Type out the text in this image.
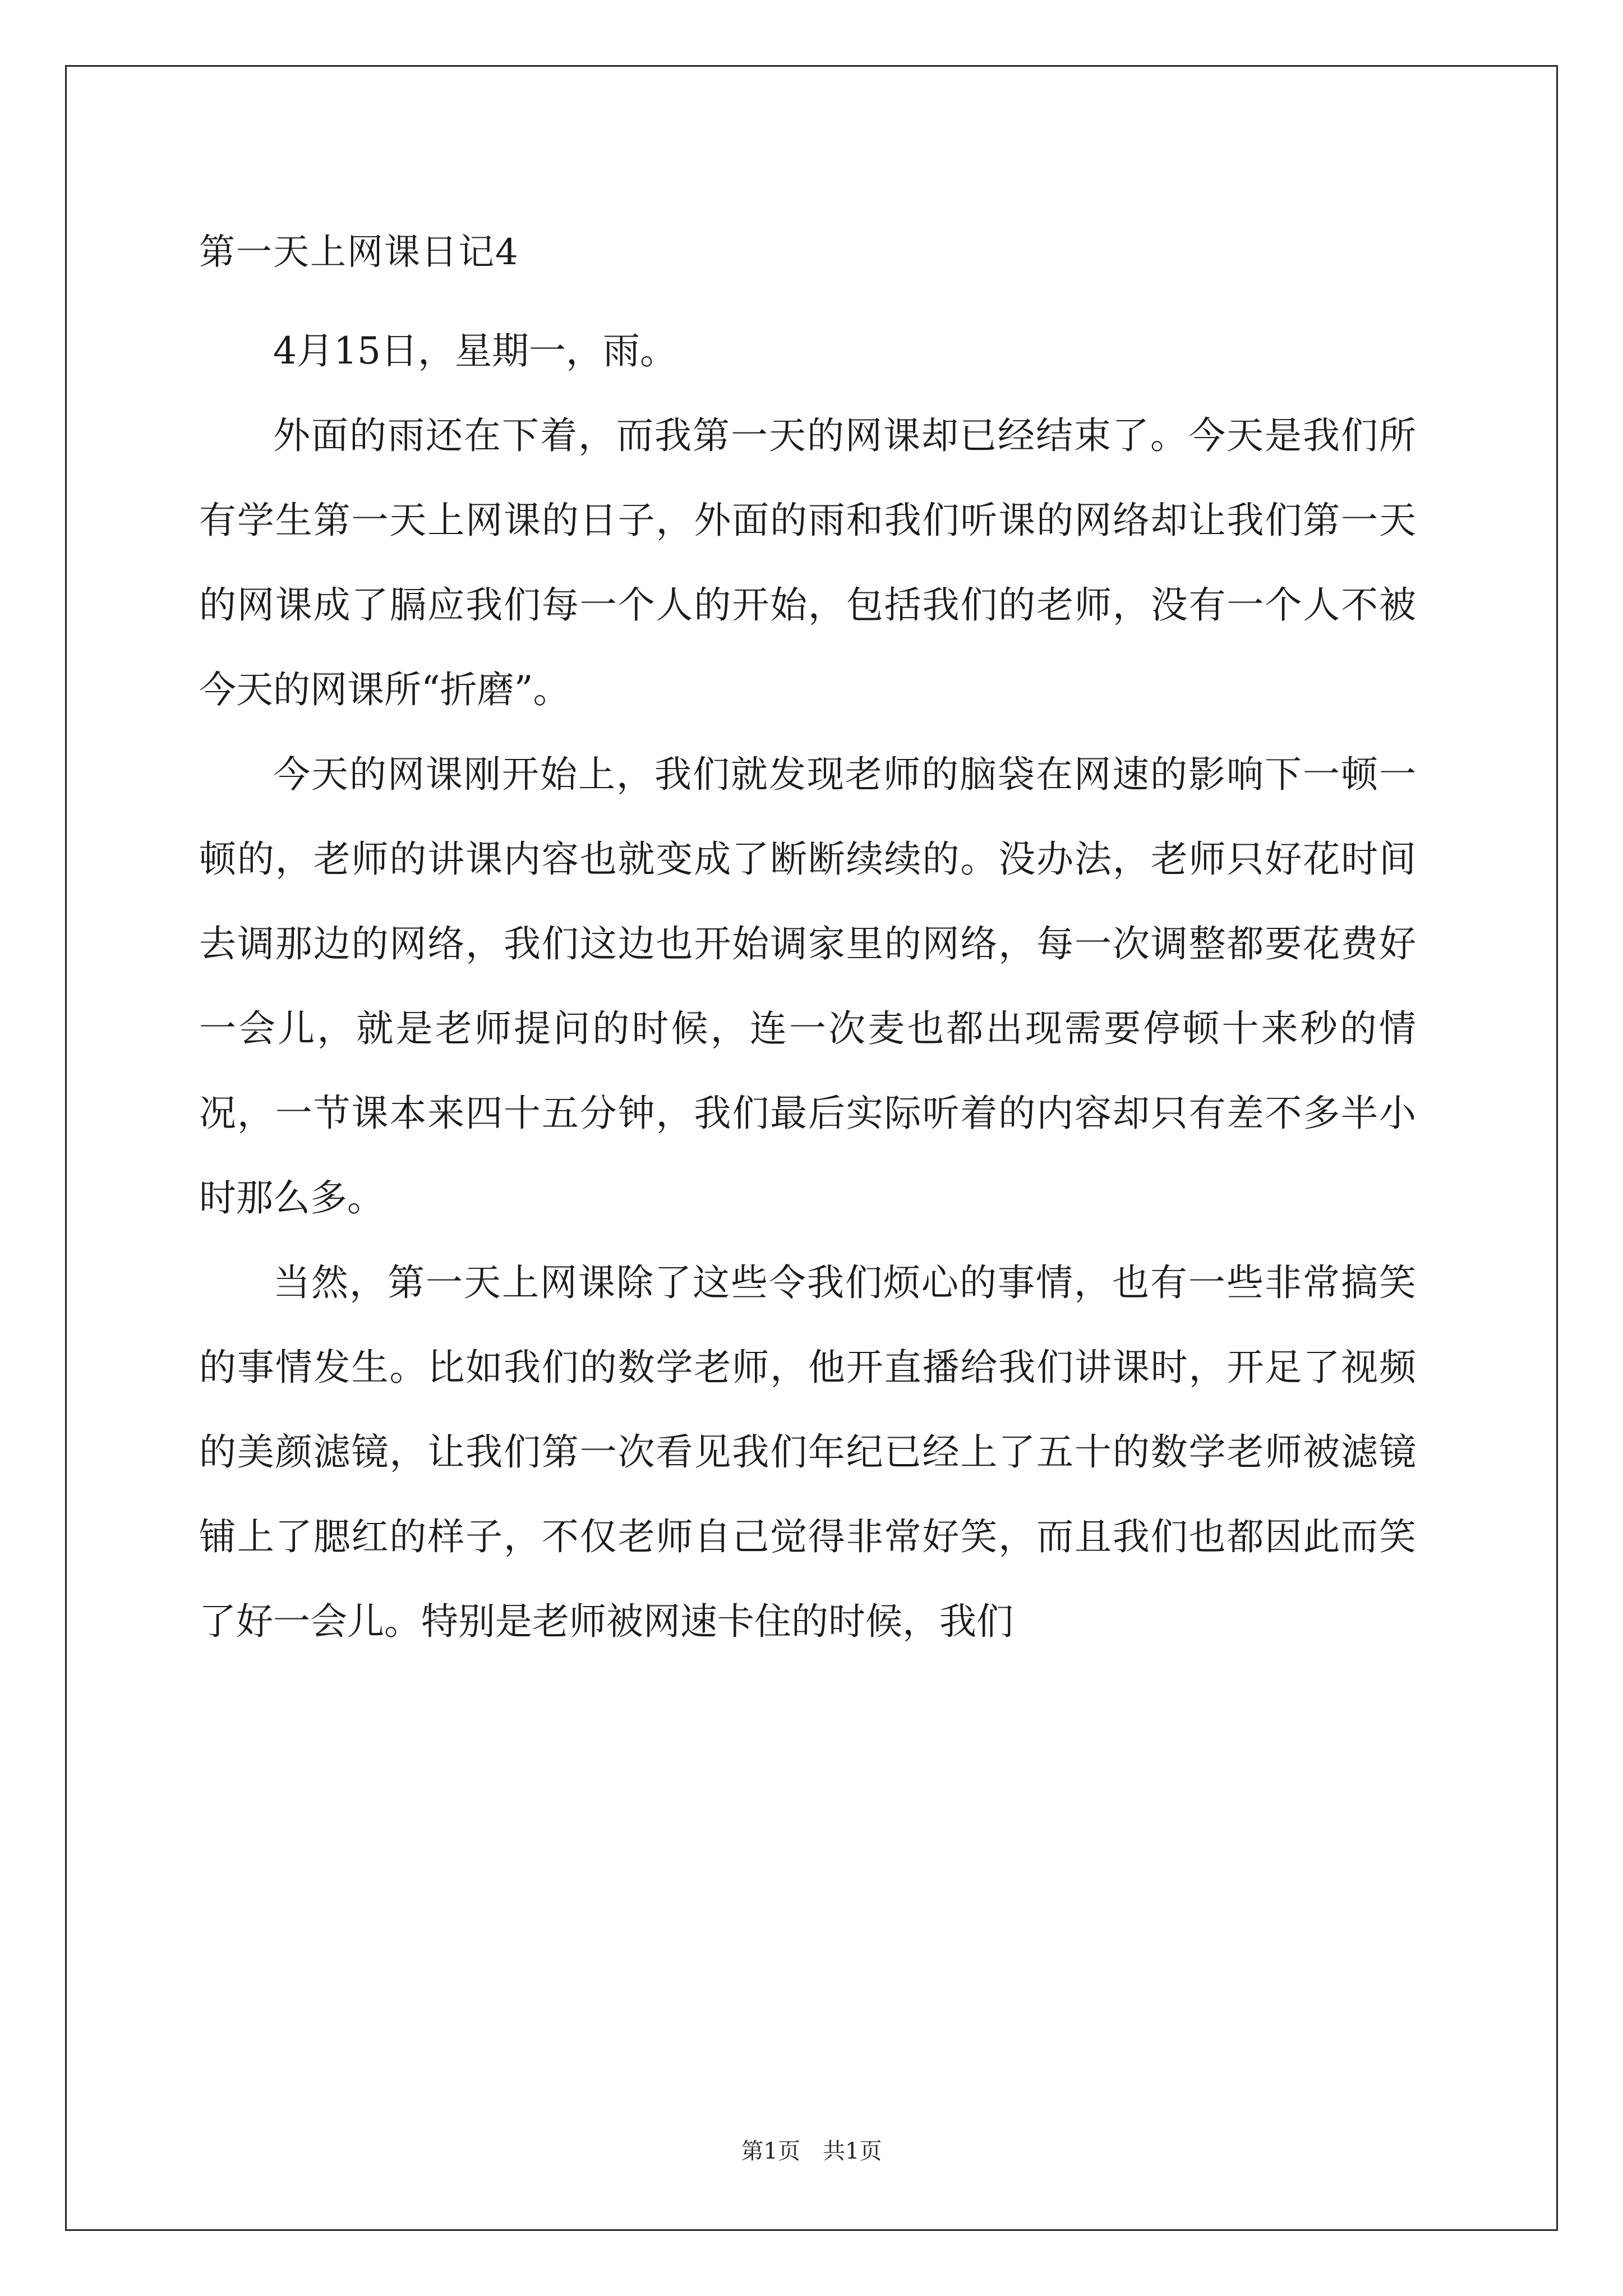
第一天上网课日记4

4月15日，星期一，雨。

外面的雨还在下着，而我第一天的网课却已经结束了。今天是我们所有学生第一天上网课的日子，外面的雨和我们听课的网络却让我们第一天的网课成了膈应我们每一个人的开始，包括我们的老师，没有一个人不被今天的网课所“折磨”。

今天的网课刚开始上，我们就发现老师的脑袋在网速的影响下一顿一顿的，老师的讲课内容也就变成了断断续续的。没办法，老师只好花时间去调那边的网络，我们这边也开始调家里的网络，每一次调整都要花费好一会儿，就是老师提问的时候，连一次麦也都出现需要停顿十来秒的情况，一节课本来四十五分钟，我们最后实际听着的内容却只有差不多半小时那么多。

当然，第一天上网课除了这些令我们烦心的事情，也有一些非常搞笑的事情发生。比如我们的数学老师，他开直播给我们讲课时，开足了视频的美颜滤镜，让我们第一次看见我们年纪已经上了五十的数学老师被滤镜铺上了腮红的样子，不仅老师自己觉得非常好笑，而且我们也都因此而笑了好一会儿。特别是老师被网速卡住的时候，我们

第1页 共1页
